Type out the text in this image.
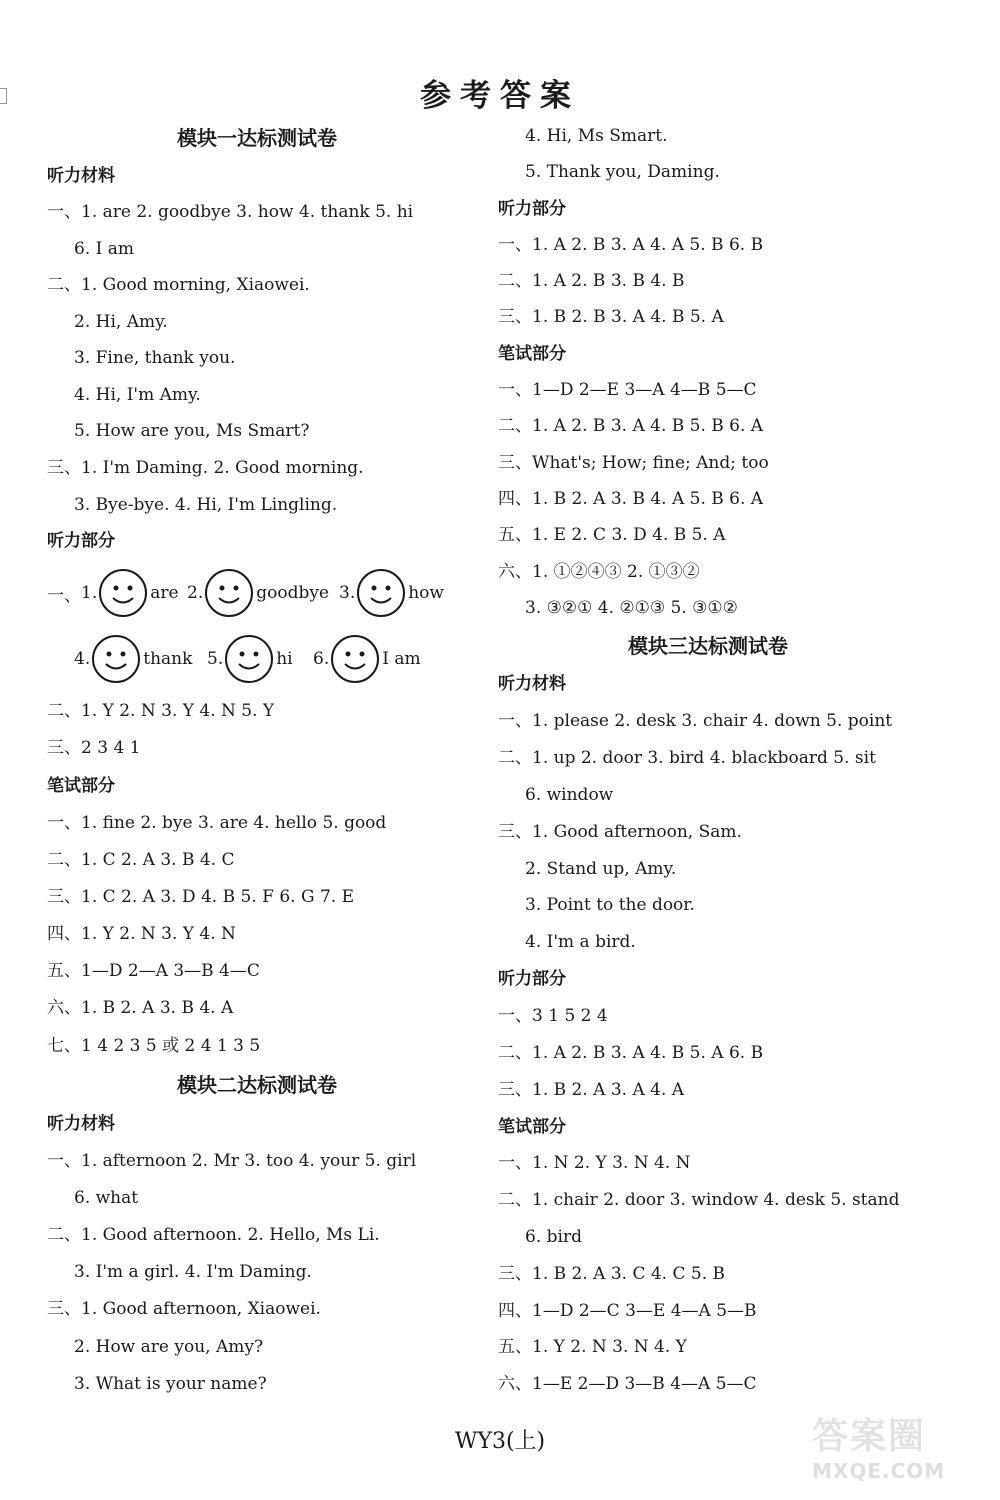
参考答案
模块一达标测试卷
听力材料
一、1. are 2. goodbye 3. how 4. thank 5. hi
6. I am
二、1. Good morning, Xiaowei.
2. Hi, Amy.
3. Fine, thank you.
4. Hi, I'm Amy.
5. How are you, Ms Smart?
三、1. I'm Daming. 2. Good morning.
3. Bye-bye. 4. Hi, I'm Lingling.
听力部分
一、 1.	are 2.	goodbye 3.	how
4.	thank 5.	hi 6.	I am
二、1. Y 2. N 3. Y 4. N 5. Y
三、2 3 4 1
笔试部分
一、1. fine 2. bye 3. are 4. hello 5. good
二、1. C 2. A 3. B 4. C
三、1. C 2. A 3. D 4. B 5. F 6. G 7. E
四、1. Y 2. N 3. Y 4. N
五、1—D 2—A 3—B 4—C
六、1. B 2. A 3. B 4. A
七、1 4 2 3 5 或 2 4 1 3 5
模块二达标测试卷
听力材料
一、1. afternoon 2. Mr 3. too 4. your 5. girl
6. what
二、1. Good afternoon. 2. Hello, Ms Li.
3. I'm a girl. 4. I'm Daming.
三、1. Good afternoon, Xiaowei.
2. How are you, Amy?
3. What is your name?
4. Hi, Ms Smart.
5. Thank you, Daming.
听力部分
一、1. A 2. B 3. A 4. A 5. B 6. B
二、1. A 2. B 3. B 4. B
三、1. B 2. B 3. A 4. B 5. A
笔试部分
一、1—D 2—E 3—A 4—B 5—C
二、1. A 2. B 3. A 4. B 5. B 6. A
三、What's; How; fine; And; too
四、1. B 2. A 3. B 4. A 5. B 6. A
五、1. E 2. C 3. D 4. B 5. A
六、1. ①②④③ 2. ①③②
3. ③②① 4. ②①③ 5. ③①②
模块三达标测试卷
听力材料
一、1. please 2. desk 3. chair 4. down 5. point
二、1. up 2. door 3. bird 4. blackboard 5. sit
6. window
三、1. Good afternoon, Sam.
2. Stand up, Amy.
3. Point to the door.
4. I'm a bird.
听力部分
一、3 1 5 2 4
二、1. A 2. B 3. A 4. B 5. A 6. B
三、1. B 2. A 3. A 4. A
笔试部分
一、1. N 2. Y 3. N 4. N
二、1. chair 2. door 3. window 4. desk 5. stand
6. bird
三、1. B 2. A 3. C 4. C 5. B
四、1—D 2—C 3—E 4—A 5—B
五、1. Y 2. N 3. N 4. Y
六、1—E 2—D 3—B 4—A 5—C
WY3(上)	答案圈
MXQE.COM
